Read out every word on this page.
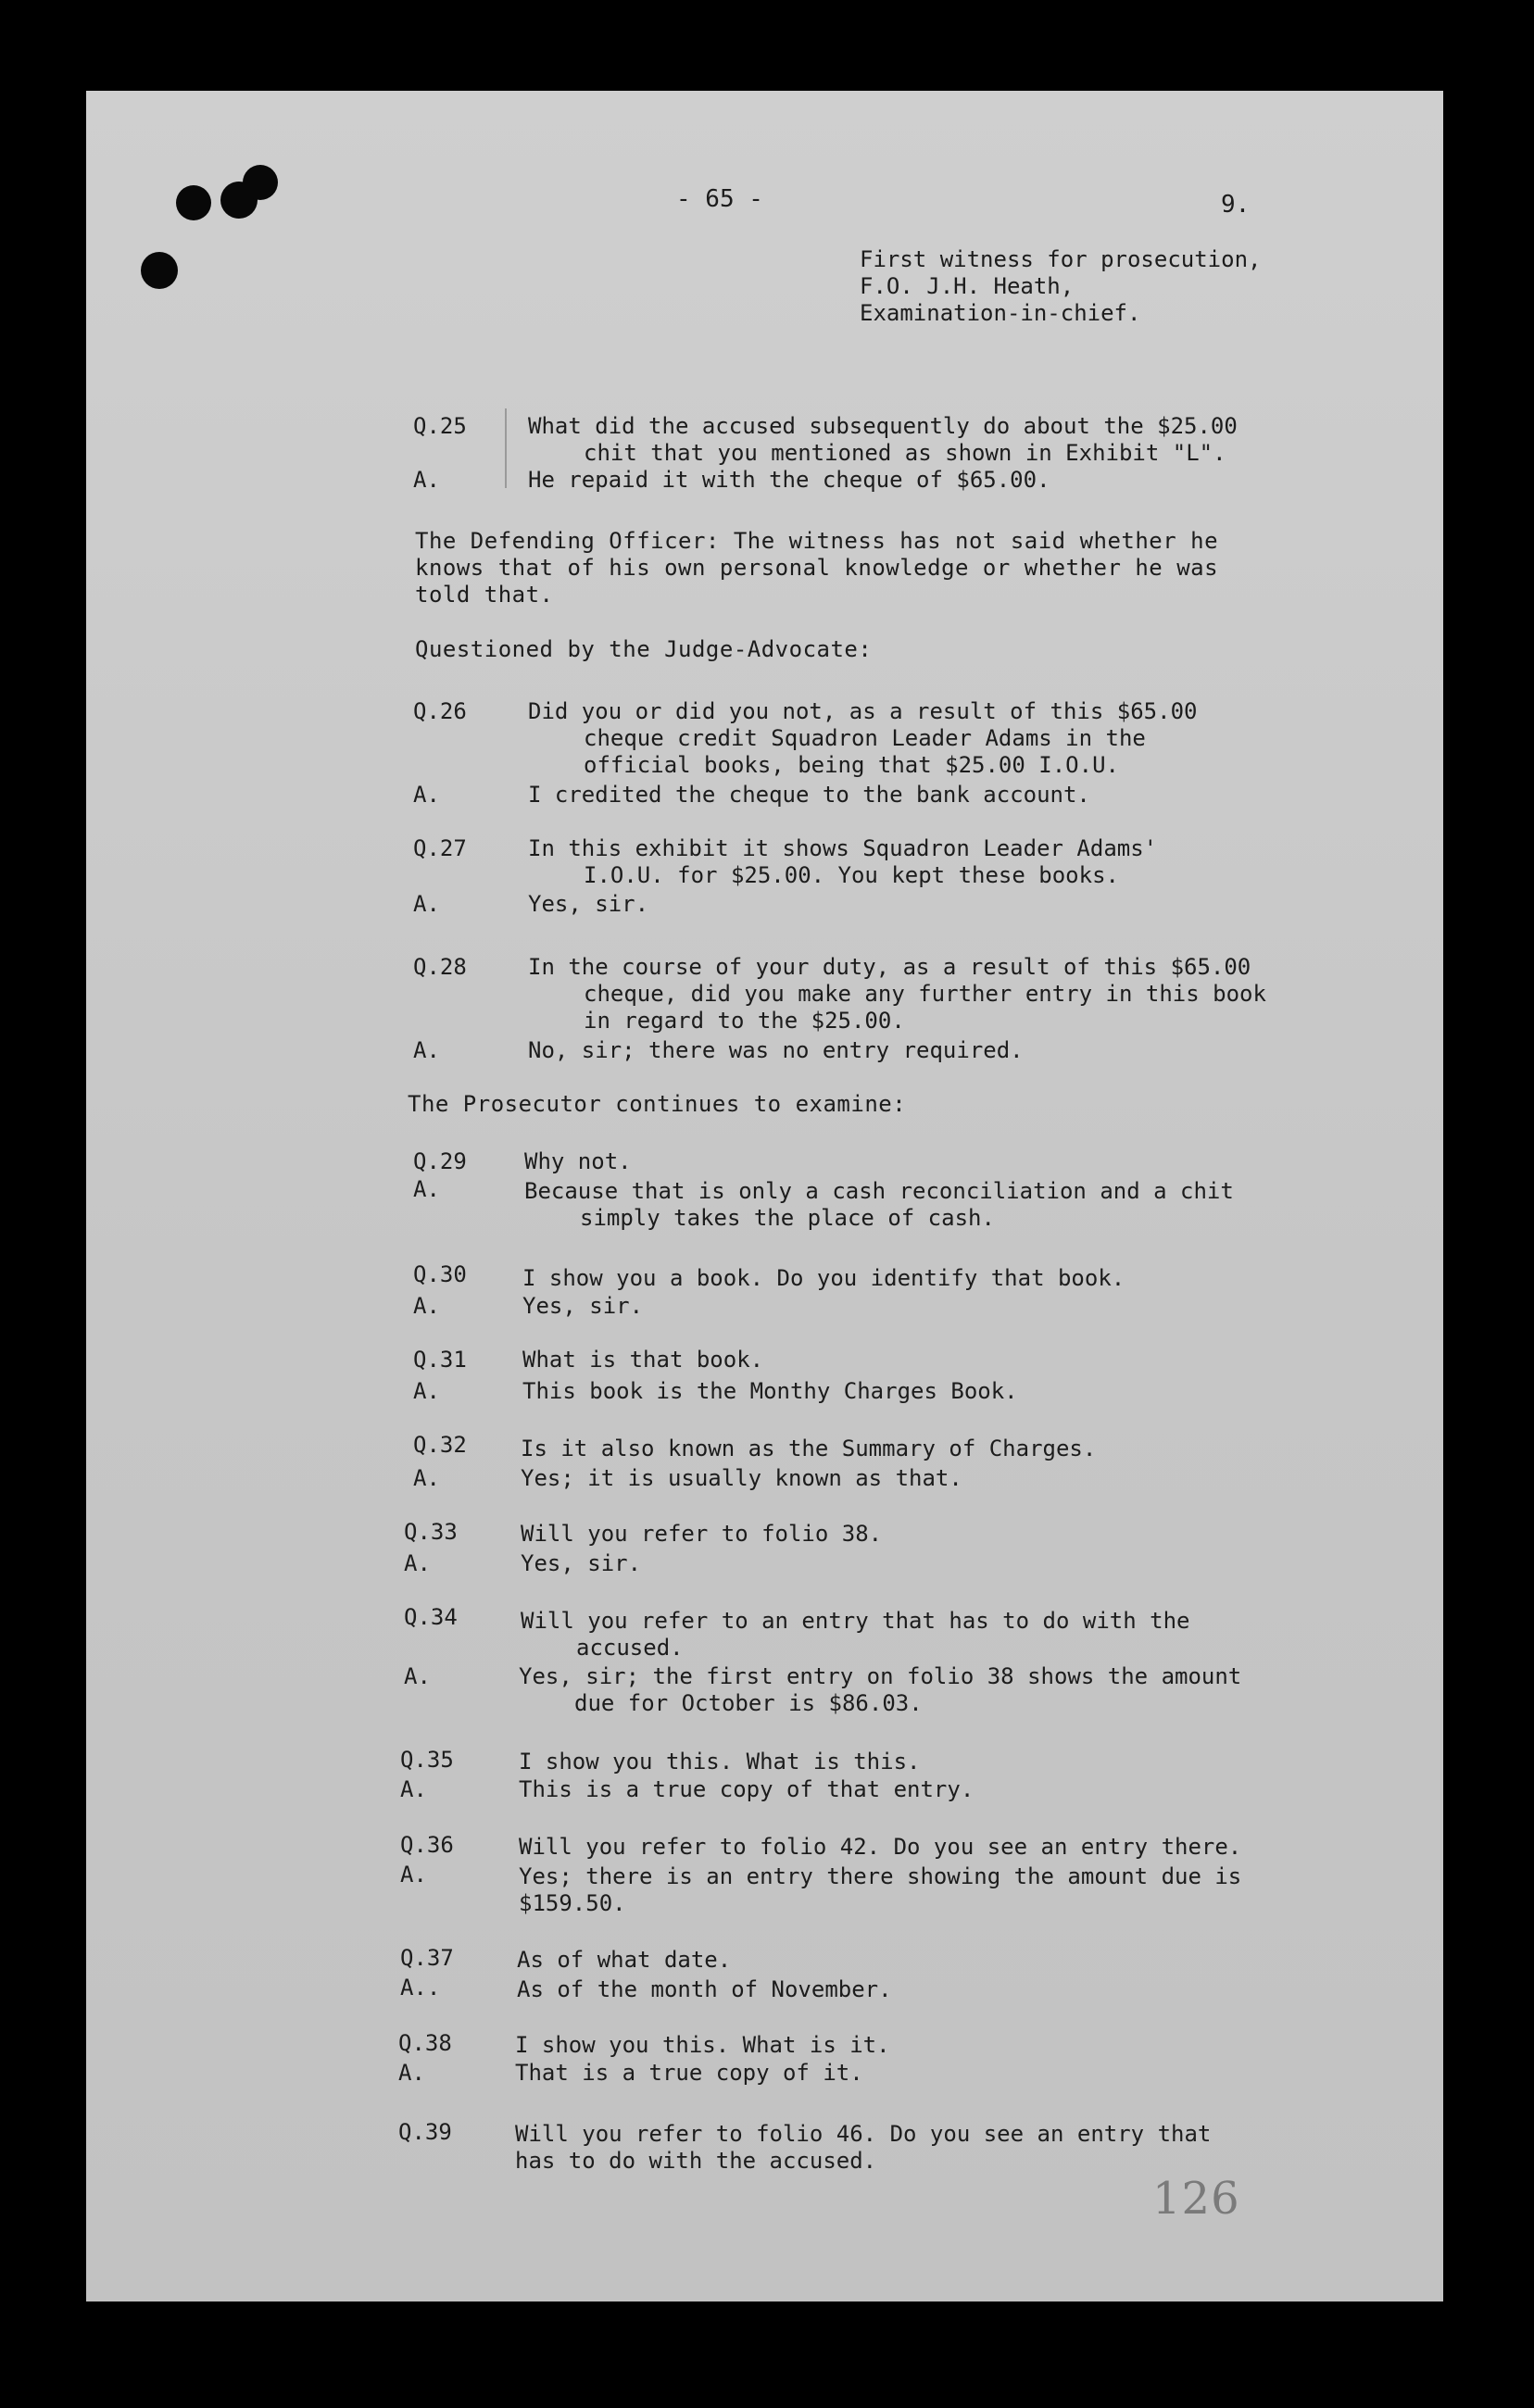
- 65 -	9.
First witness for prosecution,
F.O. J.H. Heath,
Examination-in-chief.
Q.25	What did the accused subsequently do about the $25.00
chit that you mentioned as shown in Exhibit "L".
A.	He repaid it with the cheque of $65.00.
The Defending Officer: The witness has not said whether he
knows that of his own personal knowledge or whether he was
told that.
Questioned by the Judge-Advocate:
Q.26	Did you or did you not, as a result of this $65.00
cheque credit Squadron Leader Adams in the
official books, being that $25.00 I.O.U.
A.	I credited the cheque to the bank account.
Q.27	In this exhibit it shows Squadron Leader Adams'
I.O.U. for $25.00. You kept these books.
A.	Yes, sir.
Q.28	In the course of your duty, as a result of this $65.00
cheque, did you make any further entry in this book
in regard to the $25.00.
A.	No, sir; there was no entry required.
The Prosecutor continues to examine:
Q.29	Why not.
A.	Because that is only a cash reconciliation and a chit
simply takes the place of cash.
Q.30	I show you a book. Do you identify that book.
A.	Yes, sir.
Q.31	What is that book.
A.	This book is the Monthy Charges Book.
Q.32 Is it also known as the Summary of Charges.
A.	Yes; it is usually known as that.
Q.33	Will you refer to folio 38.
A.	Yes, sir.
Q.34	Will you refer to an entry that has to do with the
accused.
A.	Yes, sir; the first entry on folio 38 shows the amount
due for October is $86.03.
Q.35	I show you this. What is this.
A.	This is a true copy of that entry.
Q.36	Will you refer to folio 42. Do you see an entry there.
A.	Yes; there is an entry there showing the amount due is
$159.50.
Q.37	As of what date.
A..	As of the month of November.
Q.38	I show you this. What is it.
A.	That is a true copy of it.
Q.39	Will you refer to folio 46. Do you see an entry that
has to do with the accused.
126
